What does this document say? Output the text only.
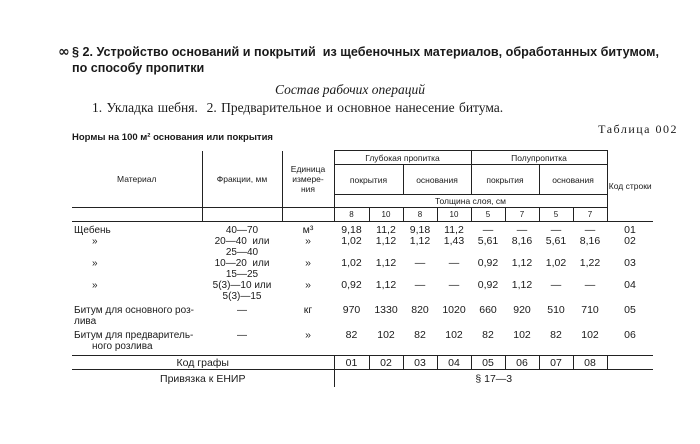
∞ § 2. Устройство оснований и покрытий  из щебеночных материалов, обработанных битумом,
по способу пропитки
Состав рабочих операций
1. Укладка шебня.  2. Предварительное и основное нанесение битума.
Таблица 002
Нормы на 100 м² основания или покрытия
Материал	Фракции, мм	Единица измере-ния	Глубокая пропитка				Полупропитка				Код строки
			покрытия		основания		покрытия		основания		
			Толщина слоя, см								
			8	10	8	10	5	7	5	7	

Щебень	40—70	м³	9,18	11,2	9,18	11,2	—	—	—	—	01
»	20—40  или	»	1,02	1,12	1,12	1,43	5,61	8,16	5,61	8,16	02
	25—40										
»	10—20  или	»	1,02	1,12	—	—	0,92	1,12	1,02	1,22	03
	15—25										
»	5(3)—10 или	»	0,92	1,12	—	—	0,92	1,12	—	—	04
	5(3)—15										

Битум для основного роз-	—	кг	970	1330	820	1020	660	920	510	710	05
лива											

Битум для предваритель-	—	»	82	102	82	102	82	102	82	102	06
ного розлива											

Код графы			01	02	03	04	05	06	07	08	
Привязка к ЕНИР			§ 17—3								
